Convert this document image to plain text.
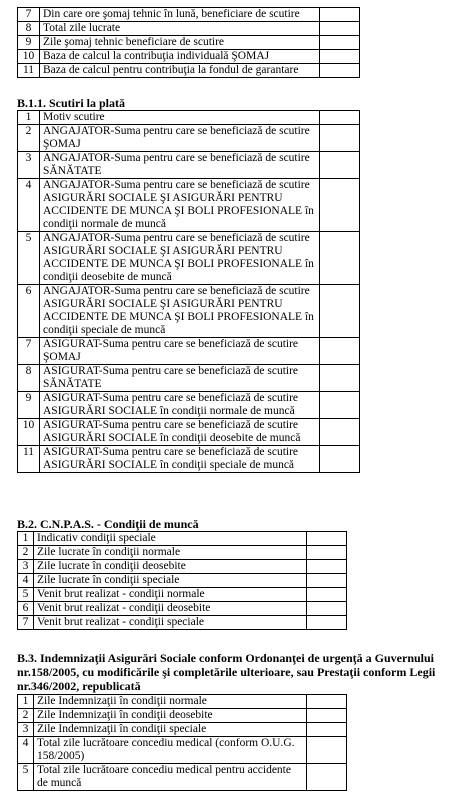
7	Din care ore şomaj tehnic în lună, beneficiare de scutire	
8	Total zile lucrate	
9	Zile şomaj tehnic beneficiare de scutire	
10	Baza de calcul la contribuţia individuală ŞOMAJ	
11	Baza de calcul pentru contribuţia la fondul de garantare	
B.1.1. Scutiri la plată
1	Motiv scutire	
2	ANGAJATOR-Suma pentru care se beneficiază de scutire ŞOMAJ	
3	ANGAJATOR-Suma pentru care se beneficiază de scutire SĂNĂTATE	
4	ANGAJATOR-Suma pentru care se beneficiază de scutire ASIGURĂRI SOCIALE ŞI ASIGURĂRI PENTRU ACCIDENTE DE MUNCA ŞI BOLI PROFESIONALE în condiţii normale de muncă	
5	ANGAJATOR-Suma pentru care se beneficiază de scutire ASIGURĂRI SOCIALE ŞI ASIGURĂRI PENTRU ACCIDENTE DE MUNCA ŞI BOLI PROFESIONALE în condiţii deosebite de muncă	
6	ANGAJATOR-Suma pentru care se beneficiază de scutire ASIGURĂRI SOCIALE ŞI ASIGURĂRI PENTRU ACCIDENTE DE MUNCA ŞI BOLI PROFESIONALE în condiţii speciale de muncă	
7	ASIGURAT-Suma pentru care se beneficiază de scutire ŞOMAJ	
8	ASIGURAT-Suma pentru care se beneficiază de scutire SĂNĂTATE	
9	ASIGURAT-Suma pentru care se beneficiază de scutire ASIGURĂRI SOCIALE în condiţii normale de muncă	
10	ASIGURAT-Suma pentru care se beneficiază de scutire ASIGURĂRI SOCIALE în condiţii deosebite de muncă	
11	ASIGURAT-Suma pentru care se beneficiază de scutire ASIGURĂRI SOCIALE în condiţii speciale de muncă	
B.2. C.N.P.A.S. - Condiţii de muncă
1	Indicativ condiţii speciale	
2	Zile lucrate în condiţii normale	
3	Zile lucrate în condiţii deosebite	
4	Zile lucrate în condiţii speciale	
5	Venit brut realizat - condiţii normale	
6	Venit brut realizat - condiţii deosebite	
7	Venit brut realizat - condiţii speciale	
B.3. Indemnizaţii Asigurări Sociale conform Ordonanţei de urgenţă a Guvernului nr.158/2005, cu modificările şi completările ulterioare, sau Prestaţii conform Legii nr.346/2002, republicată
1	Zile Indemnizaţii în condiţii normale	
2	Zile Indemnizaţii în condiţii deosebite	
3	Zile Indemnizaţii în condiţii speciale	
4	Total zile lucrătoare concediu medical (conform O.U.G. 158/2005)	
5	Total zile lucrătoare concediu medical pentru accidente de muncă	
